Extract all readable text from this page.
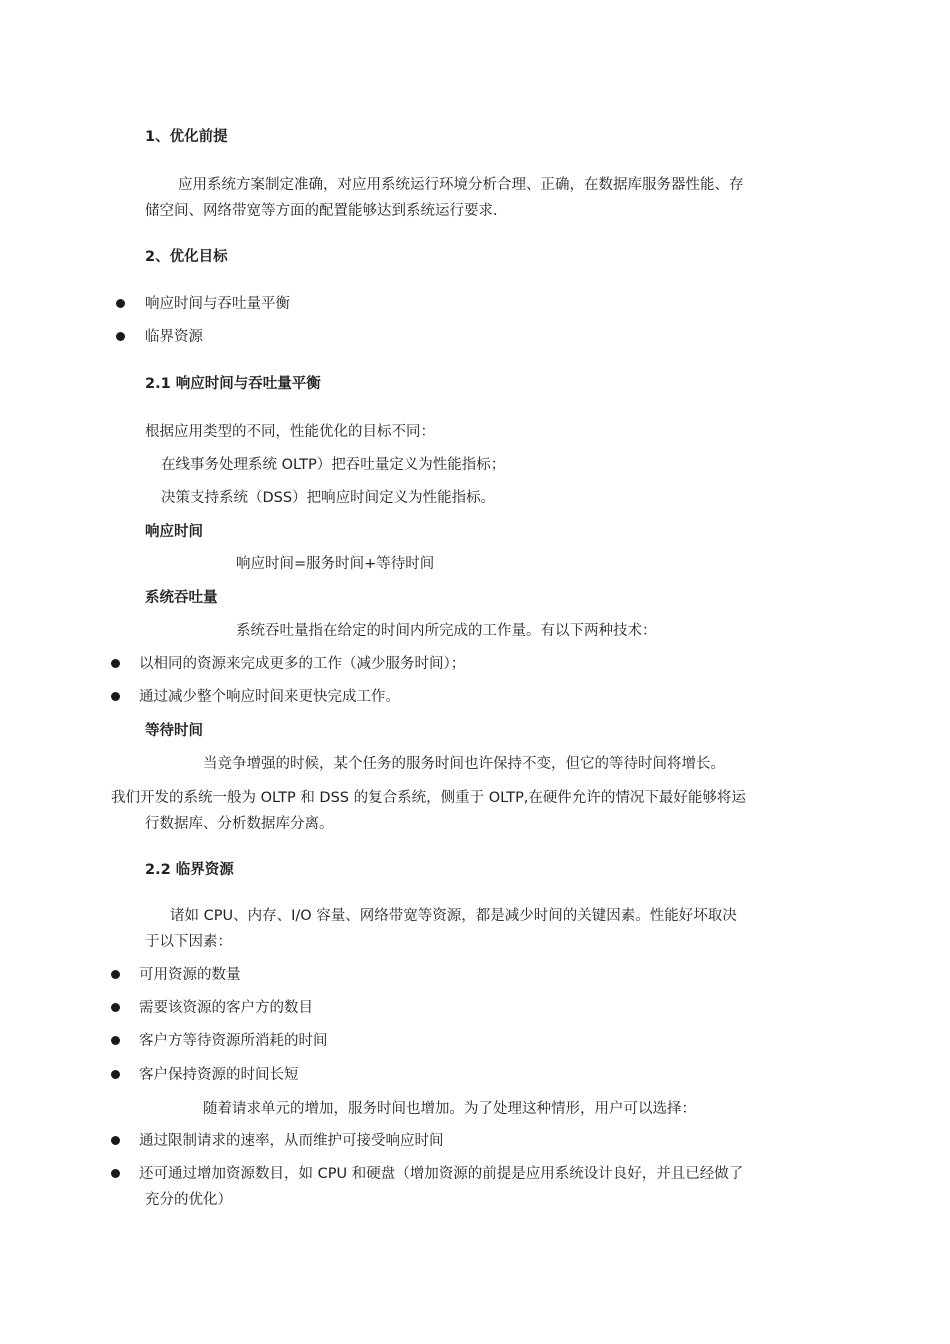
1、优化前提
应用系统方案制定准确，对应用系统运行环境分析合理、正确，在数据库服务器性能、存
储空间、网络带宽等方面的配置能够达到系统运行要求.
2、优化目标
响应时间与吞吐量平衡
临界资源
2.1 响应时间与吞吐量平衡
根据应用类型的不同，性能优化的目标不同：
在线事务处理系统 OLTP）把吞吐量定义为性能指标；
决策支持系统（DSS）把响应时间定义为性能指标。
响应时间
响应时间=服务时间+等待时间
系统吞吐量
系统吞吐量指在给定的时间内所完成的工作量。有以下两种技术：
以相同的资源来完成更多的工作（减少服务时间）；
通过减少整个响应时间来更快完成工作。
等待时间
当竞争增强的时候，某个任务的服务时间也许保持不变，但它的等待时间将增长。
我们开发的系统一般为 OLTP 和 DSS 的复合系统，侧重于 OLTP,在硬件允许的情况下最好能够将运
行数据库、分析数据库分离。
2.2 临界资源
诸如 CPU、内存、I/O 容量、网络带宽等资源，都是减少时间的关键因素。性能好坏取决
于以下因素：
可用资源的数量
需要该资源的客户方的数目
客户方等待资源所消耗的时间
客户保持资源的时间长短
随着请求单元的增加，服务时间也增加。为了处理这种情形，用户可以选择：
通过限制请求的速率，从而维护可接受响应时间
还可通过增加资源数目，如 CPU 和硬盘（增加资源的前提是应用系统设计良好，并且已经做了
充分的优化）
